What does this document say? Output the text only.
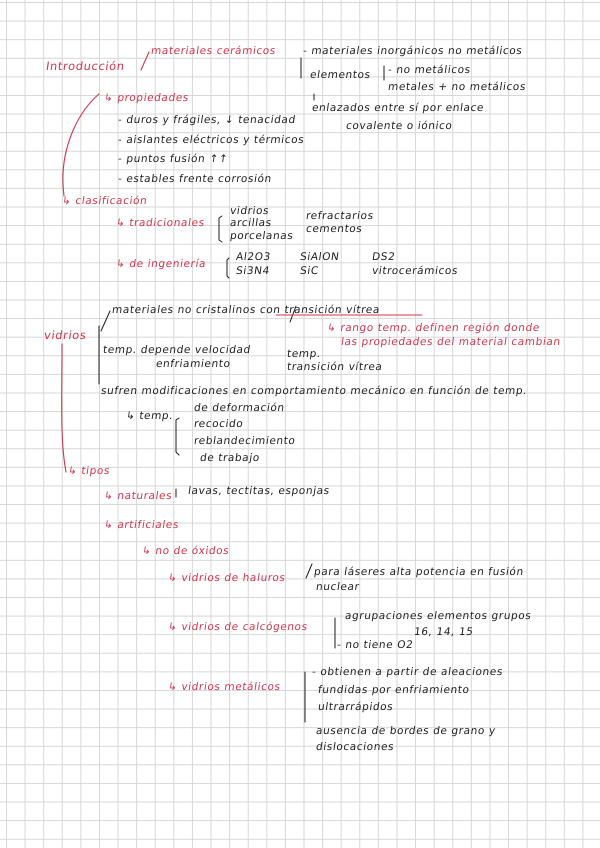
Introducción
materiales cerámicos - materiales inorgánicos no metálicos
elementos - no metálicos
metales + no metálicos
enlazados entre sí por enlace
covalente o iónico
↳ propiedades
- duros y frágiles, ↓ tenacidad
- aislantes eléctricos y térmicos
- puntos fusión ↑↑
- estables frente corrosión
↳ clasificación
↳ tradicionales
vidrios
arcillas
porcelanas
refractarios
cementos
↳ de ingeniería
Al2O3	SiAlON	DS2
Si3N4	SiC	vitrocerámicos
vidrios
materiales no cristalinos con transición vítrea
↳ rango temp. definen región donde
las propiedades del material cambian
temp. depende velocidad
enfriamiento
temp.
transición vítrea
sufren modificaciones en comportamiento mecánico en función de temp.
↳ temp.
de deformación
recocido
reblandecimiento
de trabajo
↳ tipos
↳ naturales lavas, tectitas, esponjas
↳ artificiales
↳ no de óxidos
↳ vidrios de haluros	para láseres alta potencia en fusión
nuclear
↳ vidrios de calcógenos
agrupaciones elementos grupos
16, 14, 15
- no tiene O2
↳ vidrios metálicos
- obtienen a partir de aleaciones
fundidas por enfriamiento
ultrarrápidos
ausencia de bordes de grano y
dislocaciones
